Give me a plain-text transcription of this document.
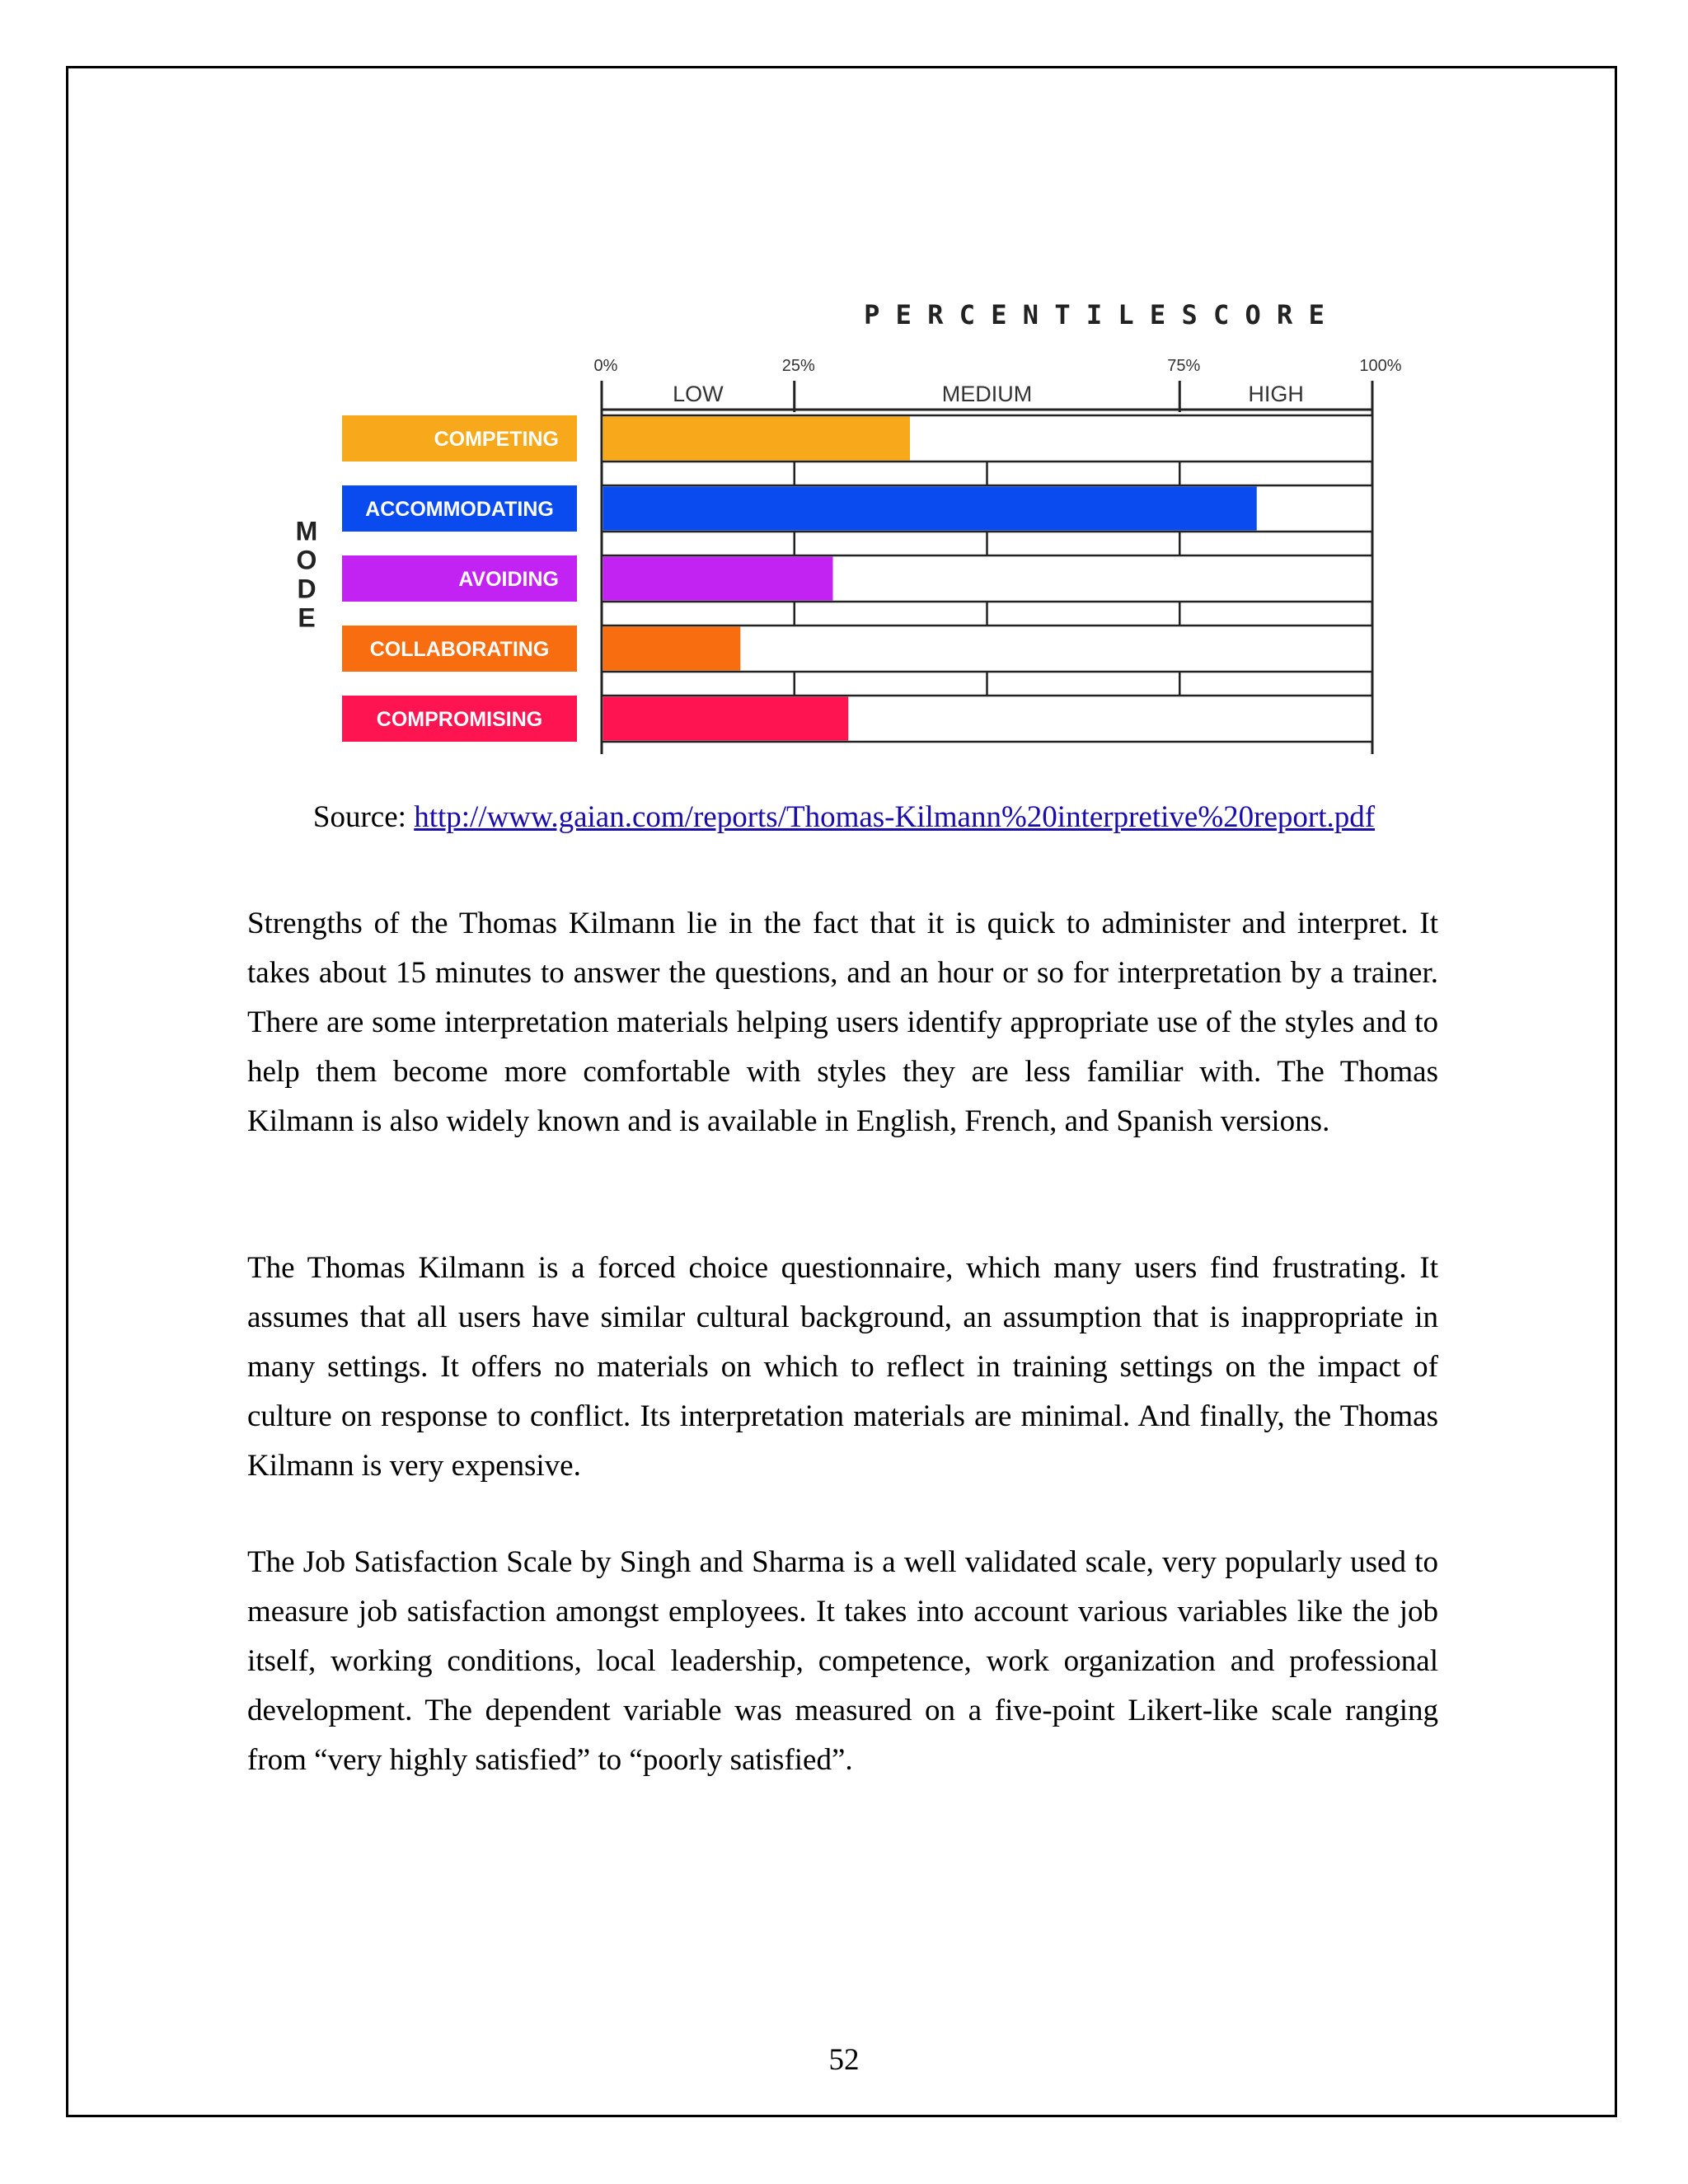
P E R C E N T I L E S C O R E
0%	25%	75%	100%
LOW	MEDIUM	HIGH
COMPETING
ACCOMMODATING
AVOIDING
COLLABORATING
COMPROMISING
M
O
D
E
Source: http://www.gaian.com/reports/Thomas-Kilmann%20interpretive%20report.pdf

Strengths of the Thomas Kilmann lie in the fact that it is quick to administer and interpret. It takes about 15 minutes to answer the questions, and an hour or so for interpretation by a trainer. There are some interpretation materials helping users identify appropriate use of the styles and to help them become more comfortable with styles they are less familiar with. The Thomas Kilmann is also widely known and is available in English, French, and Spanish versions.

The Thomas Kilmann is a forced choice questionnaire, which many users find frustrating. It assumes that all users have similar cultural background, an assumption that is inappropriate in many settings. It offers no materials on which to reflect in training settings on the impact of culture on response to conflict. Its interpretation materials are minimal. And finally, the Thomas Kilmann is very expensive.

The Job Satisfaction Scale by Singh and Sharma is a well validated scale, very popularly used to measure job satisfaction amongst employees. It takes into account various variables like the job itself, working conditions, local leadership, competence, work organization and professional development. The dependent variable was measured on a five-point Likert-like scale ranging from “very highly satisfied” to “poorly satisfied”.

52
